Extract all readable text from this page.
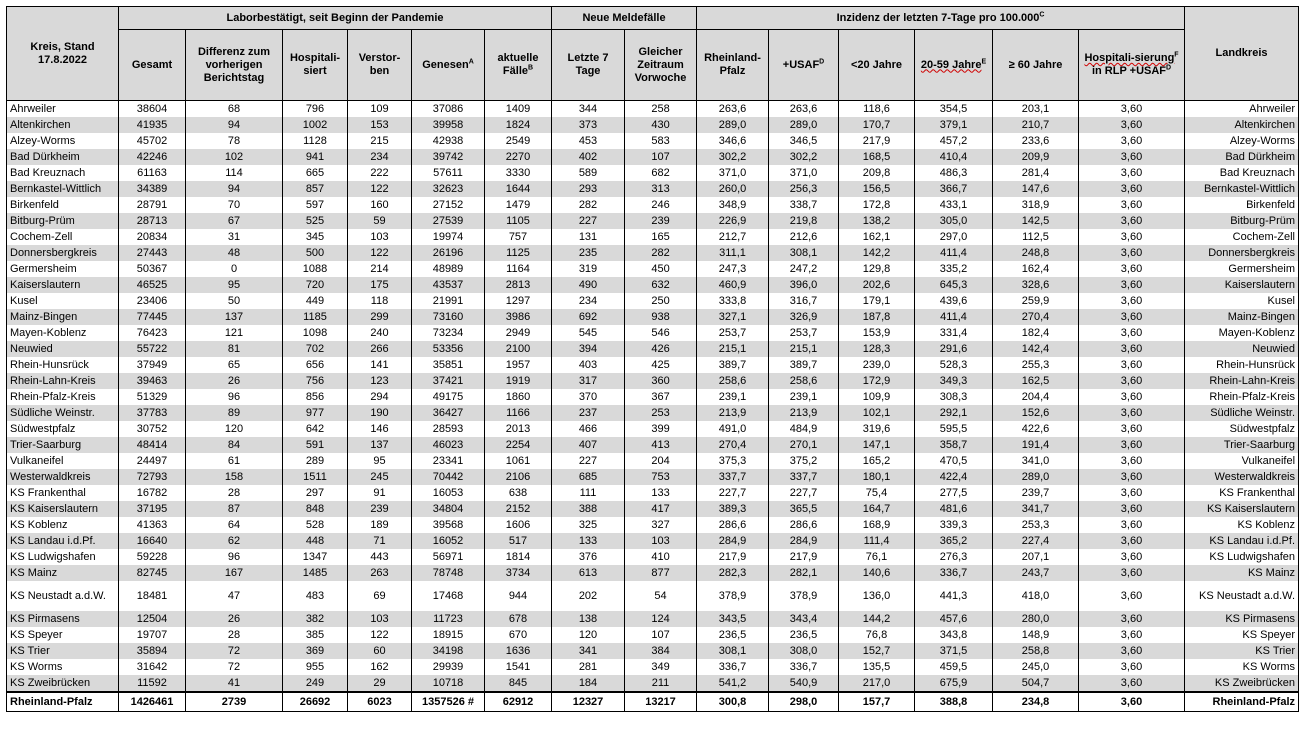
Kreis, Stand 17.8.2022	Laborbestätigt, seit Beginn der Pandemie						Neue Meldefälle		Inzidenz der letzten 7-Tage pro $100.000^C$						Landkreis
	Gesamt	Differenz zum vorherigen Berichtstag	Hospitali-siert	Verstor-ben	Genesen$^A$	aktuelle Fälle$^B$	Letzte 7 Tage	Gleicher Zeitraum Vorwoche	Rheinland-Pfalz	$+USAF^D$	<20 Jahre	20-59 Jahre$^E$	≥ 60 Jahre	Hospitali-sierung$^F$ in RLP $+USAF^D$
Ahrweiler	38604	68	796	109	37086	1409	344	258	263,6	263,6	118,6	354,5	203,1	3,60	Ahrweiler
Altenkirchen	41935	94	1002	153	39958	1824	373	430	289,0	289,0	170,7	379,1	210,7	3,60	Altenkirchen
Alzey-Worms	45702	78	1128	215	42938	2549	453	583	346,6	346,5	217,9	457,2	233,6	3,60	Alzey-Worms
Bad Dürkheim	42246	102	941	234	39742	2270	402	107	302,2	302,2	168,5	410,4	209,9	3,60	Bad Dürkheim
Bad Kreuznach	61163	114	665	222	57611	3330	589	682	371,0	371,0	209,8	486,3	281,4	3,60	Bad Kreuznach
Bernkastel-Wittlich	34389	94	857	122	32623	1644	293	313	260,0	256,3	156,5	366,7	147,6	3,60	Bernkastel-Wittlich
Birkenfeld	28791	70	597	160	27152	1479	282	246	348,9	338,7	172,8	433,1	318,9	3,60	Birkenfeld
Bitburg-Prüm	28713	67	525	59	27539	1105	227	239	226,9	219,8	138,2	305,0	142,5	3,60	Bitburg-Prüm
Cochem-Zell	20834	31	345	103	19974	757	131	165	212,7	212,6	162,1	297,0	112,5	3,60	Cochem-Zell
Donnersbergkreis	27443	48	500	122	26196	1125	235	282	311,1	308,1	142,2	411,4	248,8	3,60	Donnersbergkreis
Germersheim	50367	0	1088	214	48989	1164	319	450	247,3	247,2	129,8	335,2	162,4	3,60	Germersheim
Kaiserslautern	46525	95	720	175	43537	2813	490	632	460,9	396,0	202,6	645,3	328,6	3,60	Kaiserslautern
Kusel	23406	50	449	118	21991	1297	234	250	333,8	316,7	179,1	439,6	259,9	3,60	Kusel
Mainz-Bingen	77445	137	1185	299	73160	3986	692	938	327,1	326,9	187,8	411,4	270,4	3,60	Mainz-Bingen
Mayen-Koblenz	76423	121	1098	240	73234	2949	545	546	253,7	253,7	153,9	331,4	182,4	3,60	Mayen-Koblenz
Neuwied	55722	81	702	266	53356	2100	394	426	215,1	215,1	128,3	291,6	142,4	3,60	Neuwied
Rhein-Hunsrück	37949	65	656	141	35851	1957	403	425	389,7	389,7	239,0	528,3	255,3	3,60	Rhein-Hunsrück
Rhein-Lahn-Kreis	39463	26	756	123	37421	1919	317	360	258,6	258,6	172,9	349,3	162,5	3,60	Rhein-Lahn-Kreis
Rhein-Pfalz-Kreis	51329	96	856	294	49175	1860	370	367	239,1	239,1	109,9	308,3	204,4	3,60	Rhein-Pfalz-Kreis
Südliche Weinstr.	37783	89	977	190	36427	1166	237	253	213,9	213,9	102,1	292,1	152,6	3,60	Südliche Weinstr.
Südwestpfalz	30752	120	642	146	28593	2013	466	399	491,0	484,9	319,6	595,5	422,6	3,60	Südwestpfalz
Trier-Saarburg	48414	84	591	137	46023	2254	407	413	270,4	270,1	147,1	358,7	191,4	3,60	Trier-Saarburg
Vulkaneifel	24497	61	289	95	23341	1061	227	204	375,3	375,2	165,2	470,5	341,0	3,60	Vulkaneifel
Westerwaldkreis	72793	158	1511	245	70442	2106	685	753	337,7	337,7	180,1	422,4	289,0	3,60	Westerwaldkreis
KS Frankenthal	16782	28	297	91	16053	638	111	133	227,7	227,7	75,4	277,5	239,7	3,60	KS Frankenthal
KS Kaiserslautern	37195	87	848	239	34804	2152	388	417	389,3	365,5	164,7	481,6	341,7	3,60	KS Kaiserslautern
KS Koblenz	41363	64	528	189	39568	1606	325	327	286,6	286,6	168,9	339,3	253,3	3,60	KS Koblenz
KS Landau i.d.Pf.	16640	62	448	71	16052	517	133	103	284,9	284,9	111,4	365,2	227,4	3,60	KS Landau i.d.Pf.
KS Ludwigshafen	59228	96	1347	443	56971	1814	376	410	217,9	217,9	76,1	276,3	207,1	3,60	KS Ludwigshafen
KS Mainz	82745	167	1485	263	78748	3734	613	877	282,3	282,1	140,6	336,7	243,7	3,60	KS Mainz
KS Neustadt a.d.W.	18481	47	483	69	17468	944	202	54	378,9	378,9	136,0	441,3	418,0	3,60	KS Neustadt a.d.W.
KS Pirmasens	12504	26	382	103	11723	678	138	124	343,5	343,4	144,2	457,6	280,0	3,60	KS Pirmasens
KS Speyer	19707	28	385	122	18915	670	120	107	236,5	236,5	76,8	343,8	148,9	3,60	KS Speyer
KS Trier	35894	72	369	60	34198	1636	341	384	308,1	308,0	152,7	371,5	258,8	3,60	KS Trier
KS Worms	31642	72	955	162	29939	1541	281	349	336,7	336,7	135,5	459,5	245,0	3,60	KS Worms
KS Zweibrücken	11592	41	249	29	10718	845	184	211	541,2	540,9	217,0	675,9	504,7	3,60	KS Zweibrücken
Rheinland-Pfalz	1426461	2739	26692	6023	1357526 #	62912	12327	13217	300,8	298,0	157,7	388,8	234,8	3,60	Rheinland-Pfalz
